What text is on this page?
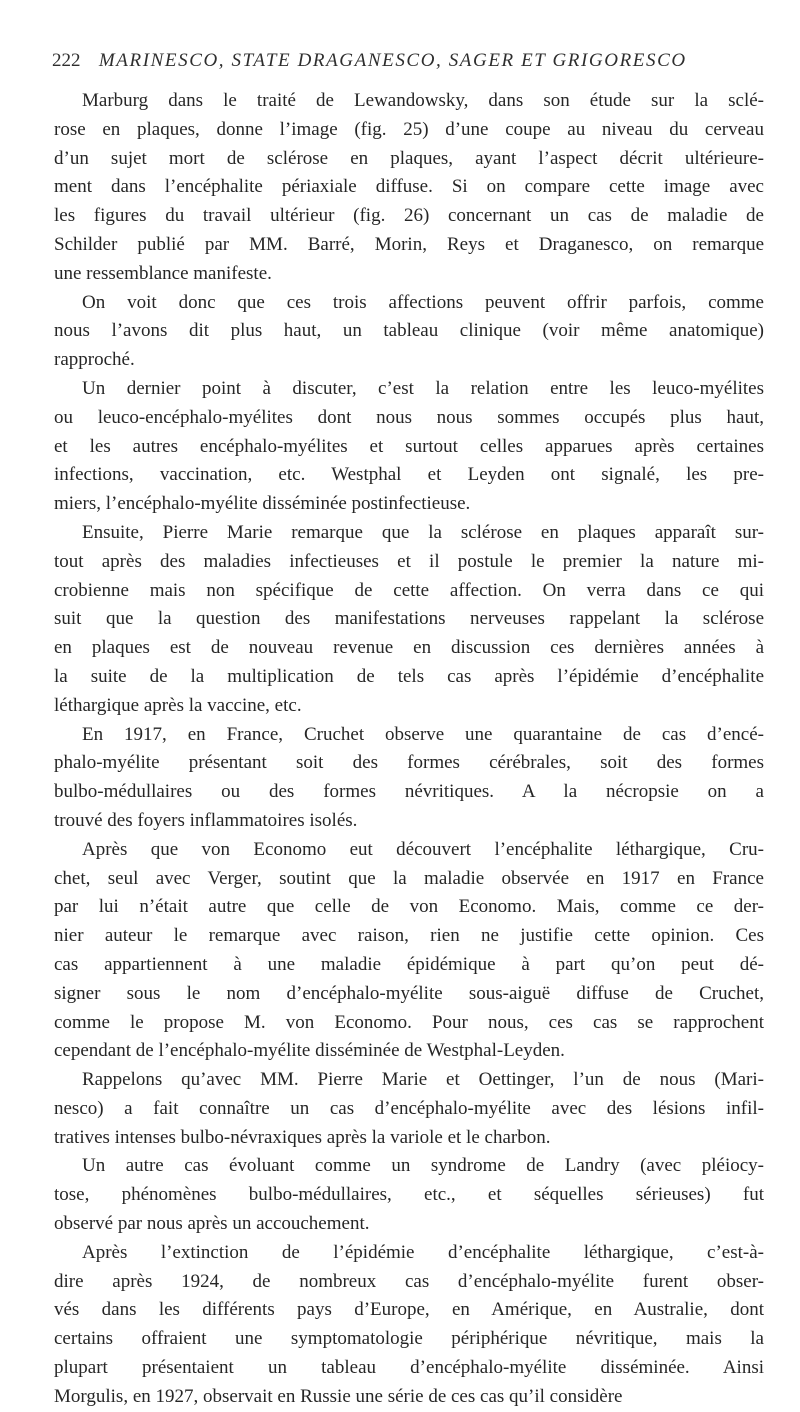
222 MARINESCO, STATE DRAGANESCO, SAGER ET GRIGORESCO
Marburg dans le traité de Lewandowsky, dans son étude sur la sclé-
rose en plaques, donne l’image (fig. 25) d’une coupe au niveau du cerveau
d’un sujet mort de sclérose en plaques, ayant l’aspect décrit ultérieure-
ment dans l’encéphalite périaxiale diffuse. Si on compare cette image avec
les figures du travail ultérieur (fig. 26) concernant un cas de maladie de
Schilder publié par MM. Barré, Morin, Reys et Draganesco, on remarque
une ressemblance manifeste.
On voit donc que ces trois affections peuvent offrir parfois, comme
nous l’avons dit plus haut, un tableau clinique (voir même anatomique)
rapproché.
Un dernier point à discuter, c’est la relation entre les leuco-myélites
ou leuco-encéphalo-myélites dont nous nous sommes occupés plus haut,
et les autres encéphalo-myélites et surtout celles apparues après certaines
infections, vaccination, etc. Westphal et Leyden ont signalé, les pre-
miers, l’encéphalo-myélite disséminée postinfectieuse.
Ensuite, Pierre Marie remarque que la sclérose en plaques apparaît sur-
tout après des maladies infectieuses et il postule le premier la nature mi-
crobienne mais non spécifique de cette affection. On verra dans ce qui
suit que la question des manifestations nerveuses rappelant la sclérose
en plaques est de nouveau revenue en discussion ces dernières années à
la suite de la multiplication de tels cas après l’épidémie d’encéphalite
léthargique après la vaccine, etc.
En 1917, en France, Cruchet observe une quarantaine de cas d’encé-
phalo-myélite présentant soit des formes cérébrales, soit des formes
bulbo-médullaires ou des formes névritiques. A la nécropsie on a
trouvé des foyers inflammatoires isolés.
Après que von Economo eut découvert l’encéphalite léthargique, Cru-
chet, seul avec Verger, soutint que la maladie observée en 1917 en France
par lui n’était autre que celle de von Economo. Mais, comme ce der-
nier auteur le remarque avec raison, rien ne justifie cette opinion. Ces
cas appartiennent à une maladie épidémique à part qu’on peut dé-
signer sous le nom d’encéphalo-myélite sous-aiguë diffuse de Cruchet,
comme le propose M. von Economo. Pour nous, ces cas se rapprochent
cependant de l’encéphalo-myélite disséminée de Westphal-Leyden.
Rappelons qu’avec MM. Pierre Marie et Oettinger, l’un de nous (Mari-
nesco) a fait connaître un cas d’encéphalo-myélite avec des lésions infil-
tratives intenses bulbo-névraxiques après la variole et le charbon.
Un autre cas évoluant comme un syndrome de Landry (avec pléiocy-
tose, phénomènes bulbo-médullaires, etc., et séquelles sérieuses) fut
observé par nous après un accouchement.
Après l’extinction de l’épidémie d’encéphalite léthargique, c’est-à-
dire après 1924, de nombreux cas d’encéphalo-myélite furent obser-
vés dans les différents pays d’Europe, en Amérique, en Australie, dont
certains offraient une symptomatologie périphérique névritique, mais la
plupart présentaient un tableau d’encéphalo-myélite disséminée. Ainsi
Morgulis, en 1927, observait en Russie une série de ces cas qu’il considère
